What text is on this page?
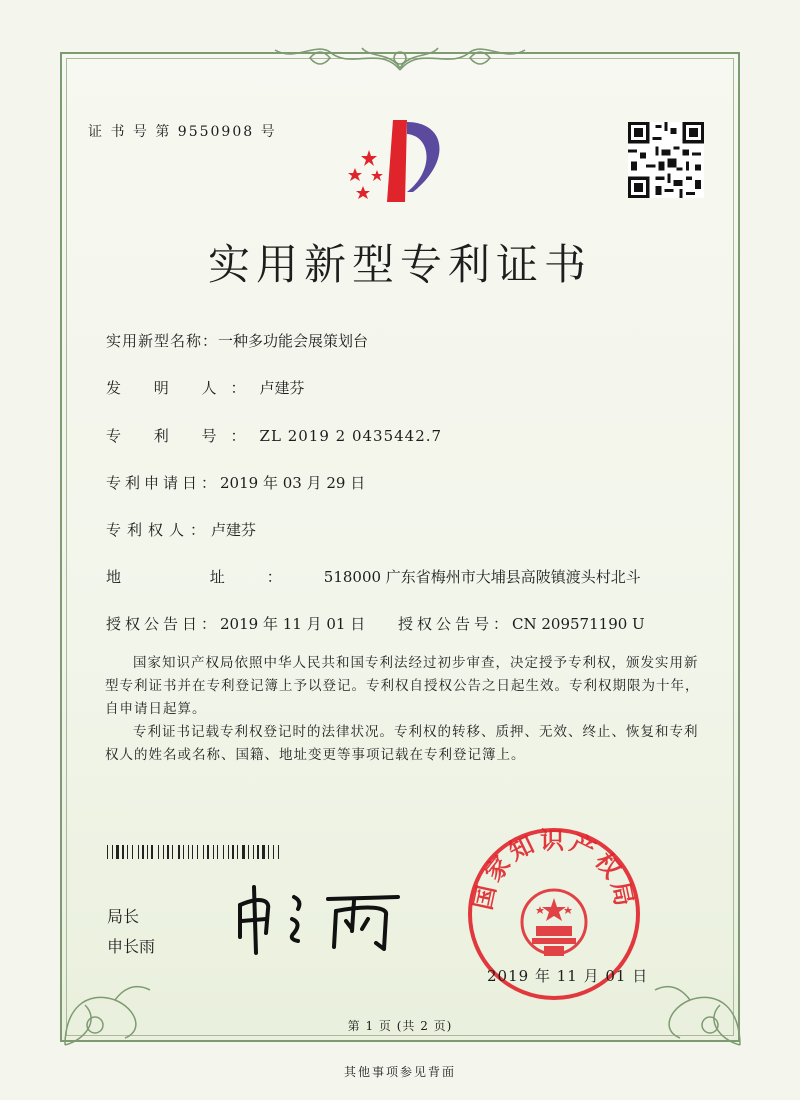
证 书 号 第 9550908 号
实用新型专利证书
实用新型名称：一种多功能会展策划台
发 明 人：卢建芬
专 利 号：ZL 2019 2 0435442.7
专利申请日：2019 年 03 月 29 日
专利权人：卢建芬
地 址：518000 广东省梅州市大埔县高陂镇渡头村北斗
授权公告日：2019 年 11 月 01 日 授权公告号：CN 209571190 U
国家知识产权局依照中华人民共和国专利法经过初步审查，决定授予专利权，颁发实用新型专利证书并在专利登记簿上予以登记。专利权自授权公告之日起生效。专利权期限为十年，自申请日起算。
专利证书记载专利权登记时的法律状况。专利权的转移、质押、无效、终止、恢复和专利权人的姓名或名称、国籍、地址变更等事项记载在专利登记簿上。
局长
申长雨
国家知识产权局
2019 年 11 月 01 日
第 1 页 (共 2 页)
其他事项参见背面
